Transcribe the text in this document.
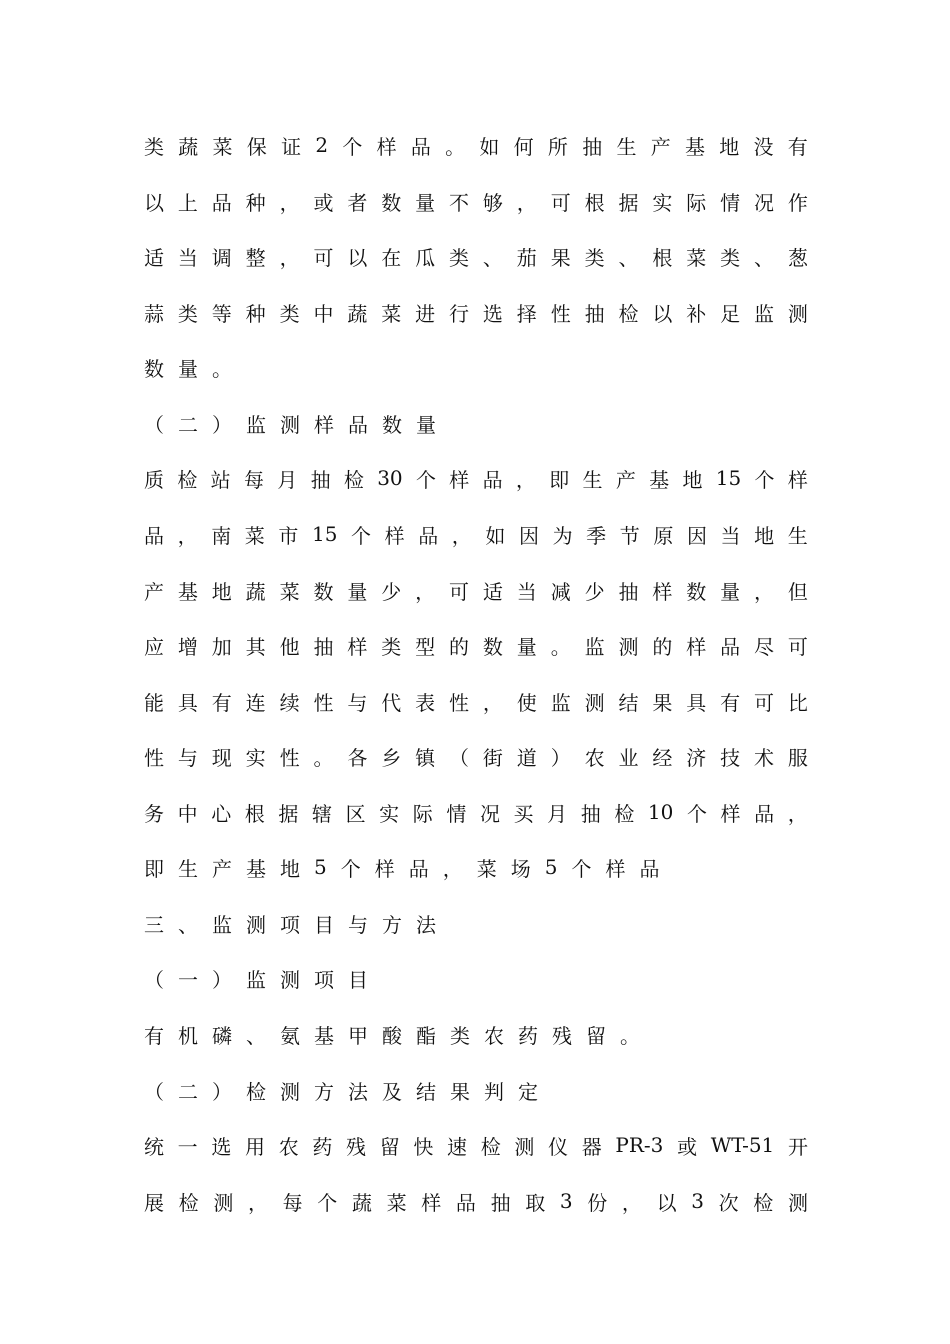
类 蔬 菜 保 证 2 个 样 品 。 如 何 所 抽 生 产 基 地 没 有
以 上 品 种 ， 或 者 数 量 不 够 ， 可 根 据 实 际 情 况 作
适 当 调 整 ， 可 以 在 瓜 类 、 茄 果 类 、 根 菜 类 、 葱
蒜 类 等 种 类 中 蔬 菜 进 行 选 择 性 抽 检 以 补 足 监 测
数 量 。
（ 二 ） 监 测 样 品 数 量
质 检 站 每 月 抽 检 30 个 样 品 ， 即 生 产 基 地 15 个 样
品 ， 南 菜 市 15 个 样 品 ， 如 因 为 季 节 原 因 当 地 生
产 基 地 蔬 菜 数 量 少 ， 可 适 当 减 少 抽 样 数 量 ， 但
应 增 加 其 他 抽 样 类 型 的 数 量 。 监 测 的 样 品 尽 可
能 具 有 连 续 性 与 代 表 性 ， 使 监 测 结 果 具 有 可 比
性 与 现 实 性 。 各 乡 镇 （ 街 道 ） 农 业 经 济 技 术 服
务 中 心 根 据 辖 区 实 际 情 况 买 月 抽 检 10 个 样 品 ，
即 生 产 基 地 5 个 样 品 ， 菜 场 5 个 样 品
三 、 监 测 项 目 与 方 法
（ 一 ） 监 测 项 目
有 机 磷 、 氨 基 甲 酸 酯 类 农 药 残 留 。
（ 二 ） 检 测 方 法 及 结 果 判 定
统 一 选 用 农 药 残 留 快 速 检 测 仪 器 PR-3 或 WT-51 开
展 检 测 ， 每 个 蔬 菜 样 品 抽 取 3 份 ， 以 3 次 检 测
